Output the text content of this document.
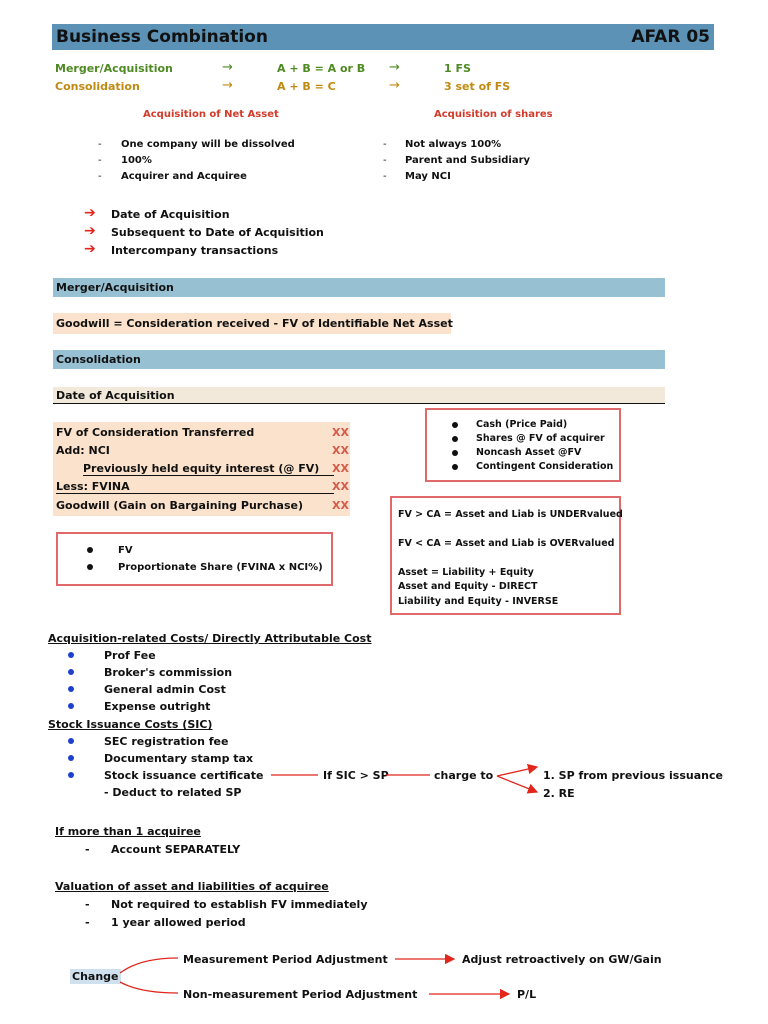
Business Combination	AFAR 05
Merger/Acquisition	→	A + B = A or B →	1 FS
Consolidation	→	A + B = C	→	3 set of FS
Acquisition of Net Asset	Acquisition of shares
- One company will be dissolved
- 100%
- Acquirer and Acquiree
- Not always 100%
- Parent and Subsidiary
- May NCI
➔ Date of Acquisition
➔ Subsequent to Date of Acquisition
➔ Intercompany transactions
Merger/Acquisition
Goodwill = Consideration received - FV of Identifiable Net Asset
Consolidation
Date of Acquisition
FV of Consideration Transferred	XX
Add: NCI	XX
Previously held equity interest (@ FV)	XX
Less: FVINA	XX
Goodwill (Gain on Bargaining Purchase)	XX
Cash (Price Paid)
Shares @ FV of acquirer
Noncash Asset @FV
Contingent Consideration
FV > CA = Asset and Liab is UNDERvalued
FV < CA = Asset and Liab is OVERvalued
Asset = Liability + Equity
Asset and Equity - DIRECT
Liability and Equity - INVERSE
FV
Proportionate Share (FVINA x NCI%)
Acquisition-related Costs/ Directly Attributable Cost
Prof Fee
Broker's commission
General admin Cost
Expense outright
Stock Issuance Costs (SIC)
SEC registration fee
Documentary stamp tax
Stock issuance certificate
- Deduct to related SP
If SIC > SP	charge to	1. SP from previous issuance
2. RE
If more than 1 acquiree
- Account SEPARATELY
Valuation of asset and liabilities of acquiree
- Not required to establish FV immediately
- 1 year allowed period
Change
Measurement Period Adjustment	Adjust retroactively on GW/Gain
Non-measurement Period Adjustment	P/L
